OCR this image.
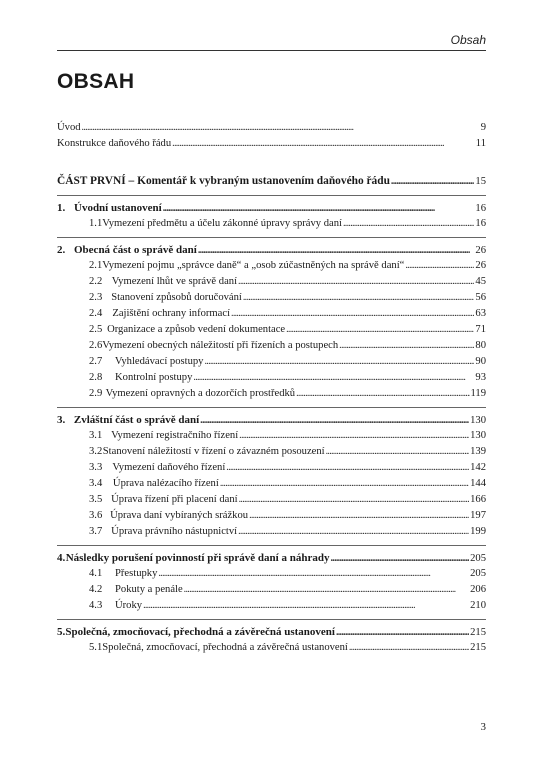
Obsah
OBSAH
Úvod . . .	9
Konstrukce daňového řádu . . .	11
ČÁST PRVNÍ – Komentář k vybraným ustanovením daňového řádu . . .	15
1. Úvodní ustanovení . . .	16
1.1 Vymezení předmětu a účelu zákonné úpravy správy daní . . .	16
2. Obecná část o správě daní . . .	26
2.1 Vymezení pojmu „správce daně“ a „osob zúčastněných na správě daní“ . . .	26
2.2 Vymezení lhůt ve správě daní . . .	45
2.3 Stanovení způsobů doručování . . .	56
2.4 Zajištění ochrany informací . . .	63
2.5 Organizace a způsob vedení dokumentace . . .	71
2.6 Vymezení obecných náležitostí při řízeních a postupech . . .	80
2.7	Vyhledávací postupy . . .	90
2.8	Kontrolní postupy . . .	93
2.9 Vymezení opravných a dozorčích prostředků . . .	119
3. Zvláštní část o správě daní . . .	130
3.1 Vymezení registračního řízení . . .	130
3.2 Stanovení náležitostí v řízení o závazném posouzení . . .	139
3.3 Vymezení daňového řízení . . .	142
3.4	Úprava nalézacího řízení . . .	144
3.5 Úprava řízení při placení daní . . .	166
3.6 Úprava daní vybíraných srážkou . . .	197
3.7 Úprava právního nástupnictví . . .	199
4. Následky porušení povinností při správě daní a náhrady . . .	205
4.1	Přestupky . . .	205
4.2	Pokuty a penále . . .	206
4.3	Úroky . . .	210
5. Společná, zmocňovací, přechodná a závěrečná ustanovení . . .	215
5.1 Společná, zmocňovací, přechodná a závěrečná ustanovení . . .	215
3
